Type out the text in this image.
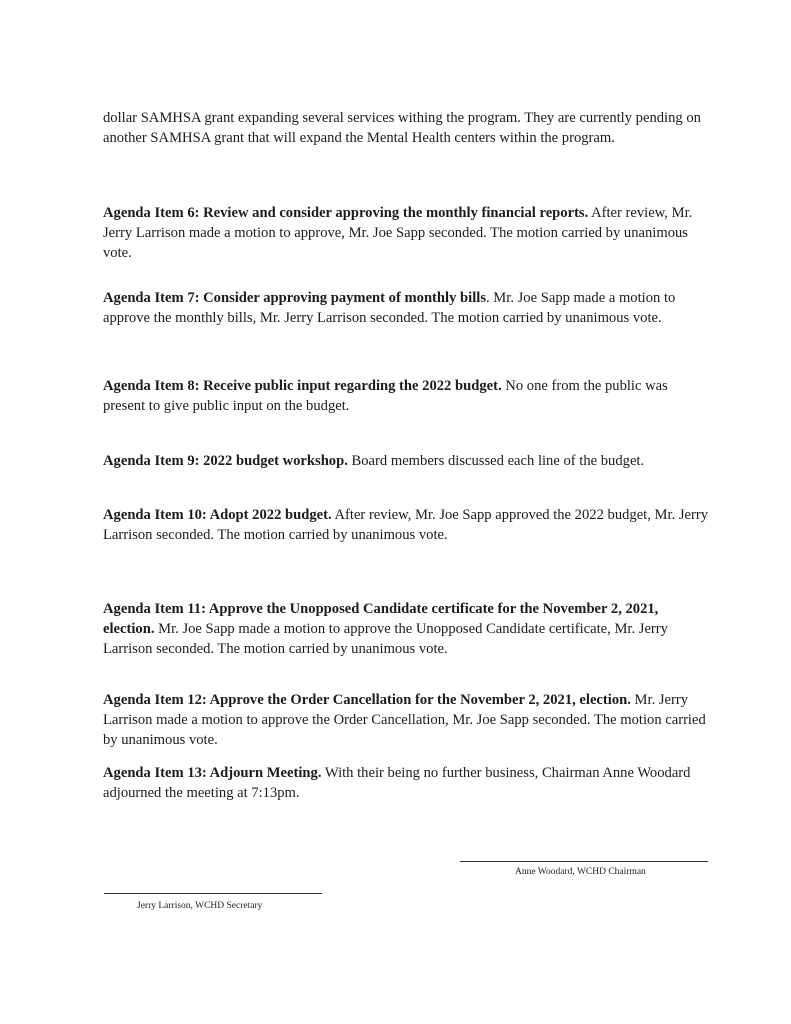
dollar SAMHSA grant expanding several services withing the program. They are currently pending on another SAMHSA grant that will expand the Mental Health centers within the program.

Agenda Item 6: Review and consider approving the monthly financial reports. After review, Mr. Jerry Larrison made a motion to approve, Mr. Joe Sapp seconded. The motion carried by unanimous vote.

Agenda Item 7: Consider approving payment of monthly bills. Mr. Joe Sapp made a motion to approve the monthly bills, Mr. Jerry Larrison seconded. The motion carried by unanimous vote.

Agenda Item 8: Receive public input regarding the 2022 budget. No one from the public was present to give public input on the budget.

Agenda Item 9: 2022 budget workshop. Board members discussed each line of the budget.

Agenda Item 10: Adopt 2022 budget. After review, Mr. Joe Sapp approved the 2022 budget, Mr. Jerry Larrison seconded. The motion carried by unanimous vote.

Agenda Item 11: Approve the Unopposed Candidate certificate for the November 2, 2021, election. Mr. Joe Sapp made a motion to approve the Unopposed Candidate certificate, Mr. Jerry Larrison seconded. The motion carried by unanimous vote.

Agenda Item 12: Approve the Order Cancellation for the November 2, 2021, election. Mr. Jerry Larrison made a motion to approve the Order Cancellation, Mr. Joe Sapp seconded. The motion carried by unanimous vote.

Agenda Item 13: Adjourn Meeting. With their being no further business, Chairman Anne Woodard adjourned the meeting at 7:13pm.

Anne Woodard, WCHD Chairman
Jerry Larrison, WCHD Secretary
